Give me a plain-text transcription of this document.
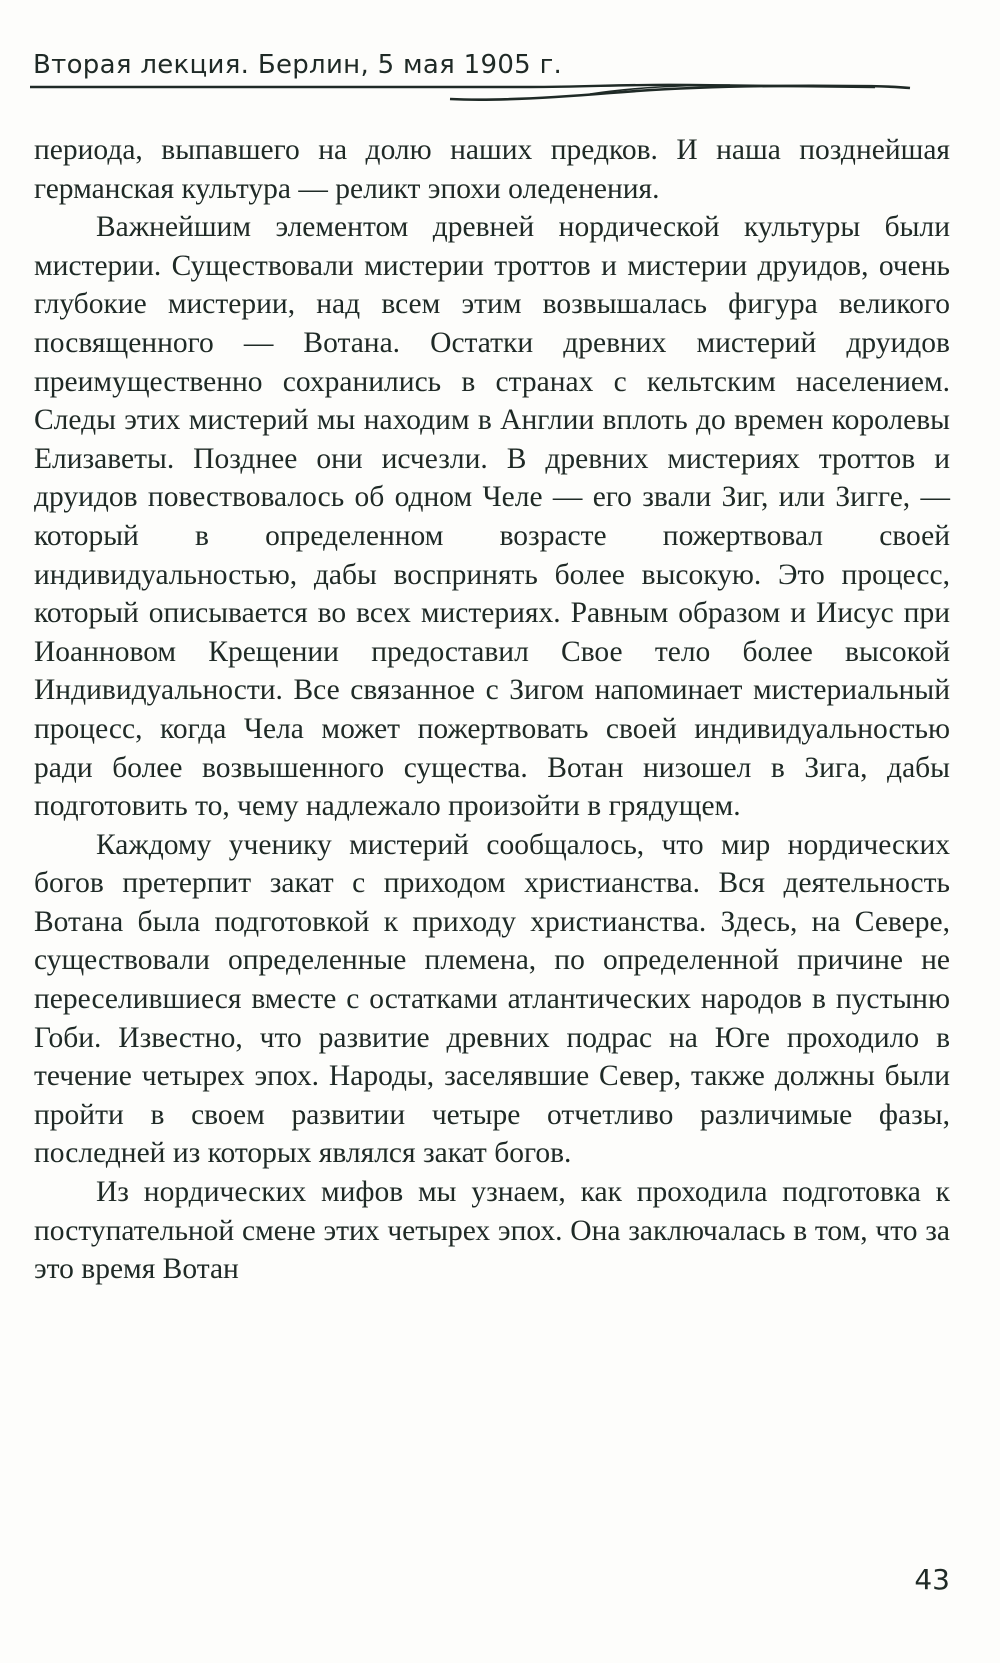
Вторая лекция. Берлин, 5 мая 1905 г.

периода, выпавшего на долю наших предков. И наша позднейшая германская культура — реликт эпохи оледенения.

Важнейшим элементом древней нордической культуры были мистерии. Существовали мистерии троттов и мистерии друидов, очень глубокие мистерии, над всем этим возвышалась фигура великого посвященного — Вотана. Остатки древних мистерий друидов преимущественно сохранились в странах с кельтским населением. Следы этих мистерий мы находим в Англии вплоть до времен королевы Елизаветы. Позднее они исчезли. В древних мистериях троттов и друидов повествовалось об одном Челе — его звали Зиг, или Зигге, — который в определенном возрасте пожертвовал своей индивидуальностью, дабы воспринять более высокую. Это процесс, который описывается во всех мистериях. Равным образом и Иисус при Иоанновом Крещении предоставил Свое тело более высокой Индивидуальности. Все связанное с Зигом напоминает мистериальный процесс, когда Чела может пожертвовать своей индивидуальностью ради более возвышенного существа. Вотан низошел в Зига, дабы подготовить то, чему надлежало произойти в грядущем.

Каждому ученику мистерий сообщалось, что мир нордических богов претерпит закат с приходом христианства. Вся деятельность Вотана была подготовкой к приходу христианства. Здесь, на Севере, существовали определенные племена, по определенной причине не переселившиеся вместе с остатками атлантических народов в пустыню Гоби. Известно, что развитие древних подрас на Юге проходило в течение четырех эпох. Народы, заселявшие Север, также должны были пройти в своем развитии четыре отчетливо различимые фазы, последней из которых являлся закат богов.

Из нордических мифов мы узнаем, как проходила подготовка к поступательной смене этих четырех эпох. Она заключалась в том, что за это время Вотан

43
